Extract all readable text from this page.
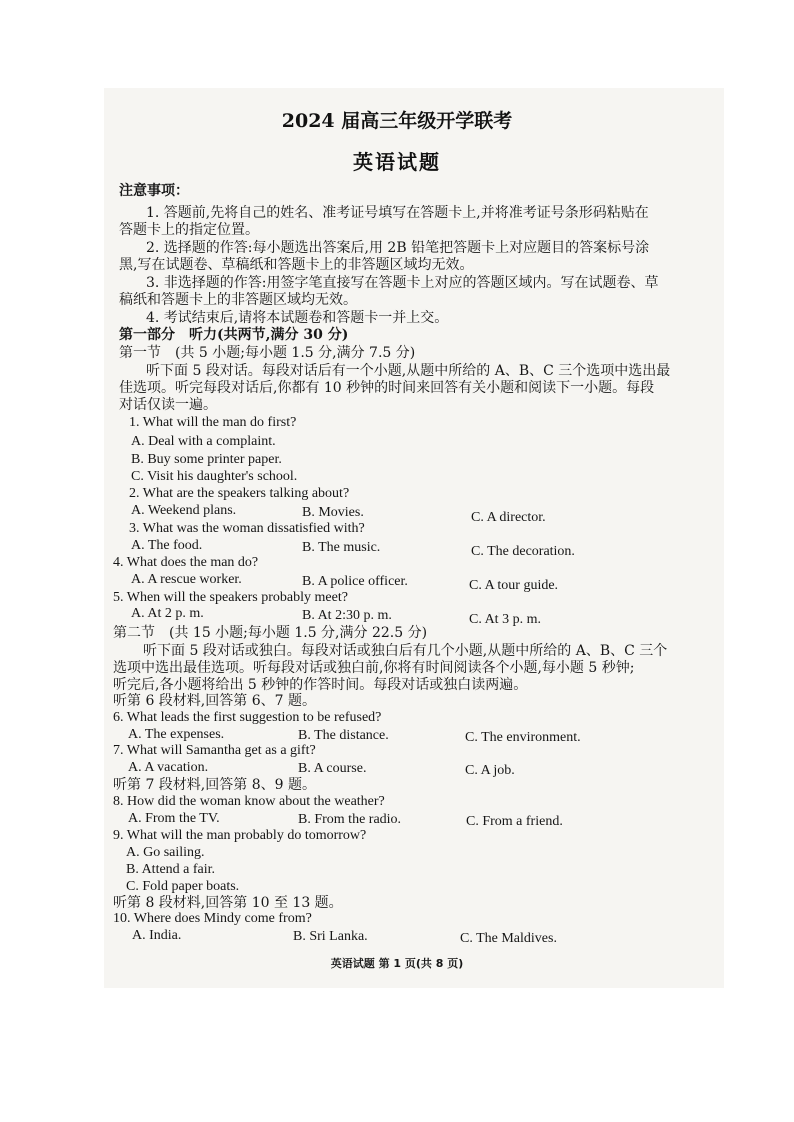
2024 届高三年级开学联考
英语试题
注意事项：
1. 答题前,先将自己的姓名、准考证号填写在答题卡上,并将准考证号条形码粘贴在
答题卡上的指定位置。
2. 选择题的作答:每小题选出答案后,用 2B 铅笔把答题卡上对应题目的答案标号涂
黑,写在试题卷、草稿纸和答题卡上的非答题区域均无效。
3. 非选择题的作答:用签字笔直接写在答题卡上对应的答题区域内。写在试题卷、草
稿纸和答题卡上的非答题区域均无效。
4. 考试结束后,请将本试题卷和答题卡一并上交。
第一部分　听力(共两节,满分 30 分)
第一节　(共 5 小题;每小题 1.5 分,满分 7.5 分)
听下面 5 段对话。每段对话后有一个小题,从题中所给的 A、B、C 三个选项中选出最
佳选项。听完每段对话后,你都有 10 秒钟的时间来回答有关小题和阅读下一小题。每段
对话仅读一遍。
1. What will the man do first?
A. Deal with a complaint.
B. Buy some printer paper.
C. Visit his daughter's school.
2. What are the speakers talking about?
A. Weekend plans.	B. Movies.	C. A director.
3. What was the woman dissatisfied with?
A. The food.	B. The music.	C. The decoration.
4. What does the man do?
A. A rescue worker.	B. A police officer.	C. A tour guide.
5. When will the speakers probably meet?
A. At 2 p. m.	B. At 2:30 p. m.	C. At 3 p. m.
第二节　(共 15 小题;每小题 1.5 分,满分 22.5 分)
听下面 5 段对话或独白。每段对话或独白后有几个小题,从题中所给的 A、B、C 三个
选项中选出最佳选项。听每段对话或独白前,你将有时间阅读各个小题,每小题 5 秒钟;
听完后,各小题将给出 5 秒钟的作答时间。每段对话或独白读两遍。
听第 6 段材料,回答第 6、7 题。
6. What leads the first suggestion to be refused?
A. The expenses.	B. The distance.	C. The environment.
7. What will Samantha get as a gift?
A. A vacation.	B. A course.	C. A job.
听第 7 段材料,回答第 8、9 题。
8. How did the woman know about the weather?
A. From the TV.	B. From the radio.	C. From a friend.
9. What will the man probably do tomorrow?
A. Go sailing.
B. Attend a fair.
C. Fold paper boats.
听第 8 段材料,回答第 10 至 13 题。
10. Where does Mindy come from?
A. India.	B. Sri Lanka.	C. The Maldives.
英语试题 第 1 页(共 8 页)
